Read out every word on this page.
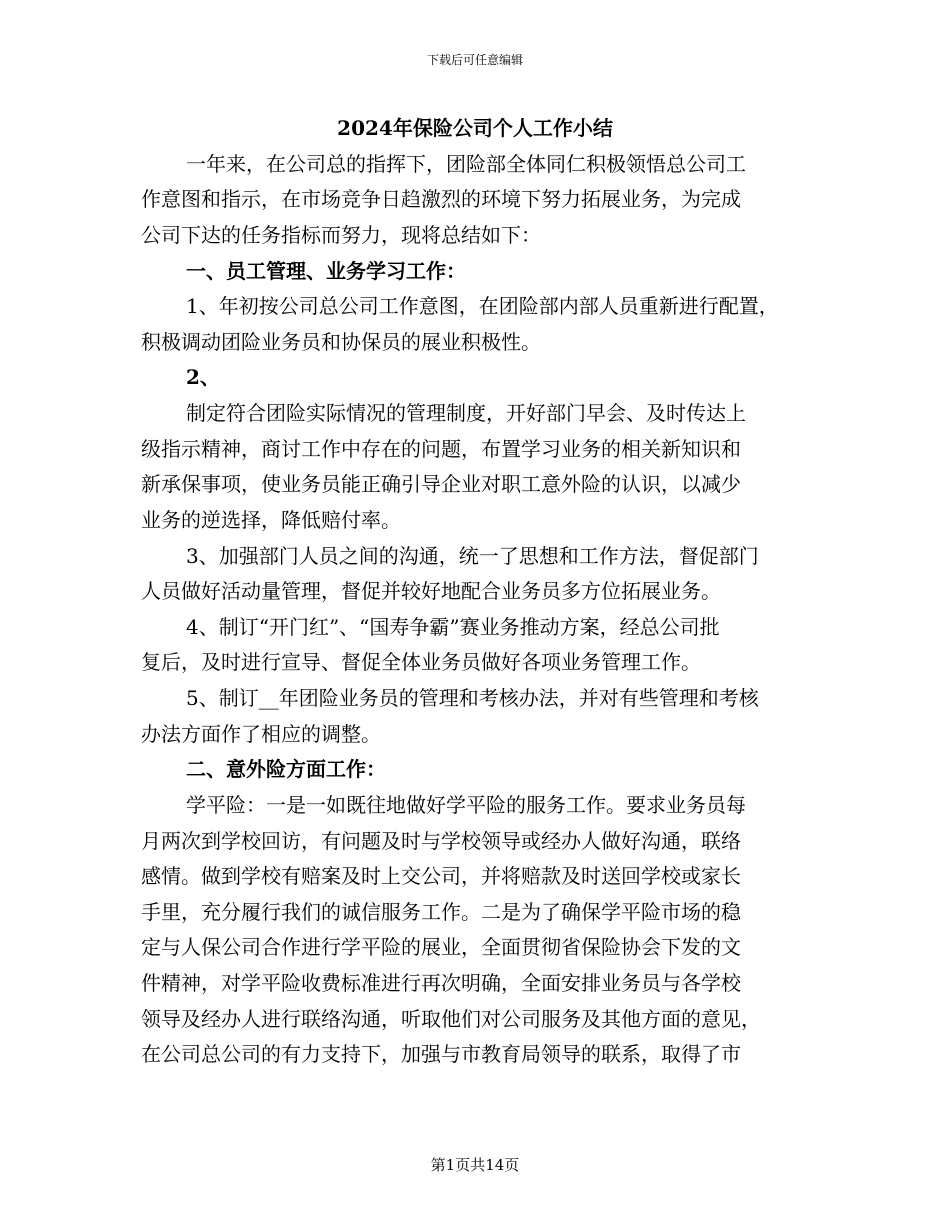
下载后可任意编辑
2024年保险公司个人工作小结

一年来，在公司总的指挥下，团险部全体同仁积极领悟总公司工

作意图和指示，在市场竞争日趋激烈的环境下努力拓展业务，为完成

公司下达的任务指标而努力，现将总结如下：

一、员工管理、业务学习工作：

1、年初按公司总公司工作意图，在团险部内部人员重新进行配置，

积极调动团险业务员和协保员的展业积极性。

2、

制定符合团险实际情况的管理制度，开好部门早会、及时传达上

级指示精神，商讨工作中存在的问题，布置学习业务的相关新知识和

新承保事项，使业务员能正确引导企业对职工意外险的认识，以减少

业务的逆选择，降低赔付率。

3、加强部门人员之间的沟通，统一了思想和工作方法，督促部门

人员做好活动量管理，督促并较好地配合业务员多方位拓展业务。

4、制订“开门红”、“国寿争霸”赛业务推动方案，经总公司批

复后，及时进行宣导、督促全体业务员做好各项业务管理工作。

5、制订__年团险业务员的管理和考核办法，并对有些管理和考核

办法方面作了相应的调整。

二、意外险方面工作：

学平险：一是一如既往地做好学平险的服务工作。要求业务员每

月两次到学校回访，有问题及时与学校领导或经办人做好沟通，联络

感情。做到学校有赔案及时上交公司，并将赔款及时送回学校或家长

手里，充分履行我们的诚信服务工作。二是为了确保学平险市场的稳

定与人保公司合作进行学平险的展业，全面贯彻省保险协会下发的文

件精神，对学平险收费标准进行再次明确，全面安排业务员与各学校

领导及经办人进行联络沟通，听取他们对公司服务及其他方面的意见，

在公司总公司的有力支持下，加强与市教育局领导的联系，取得了市

第1页共14页
